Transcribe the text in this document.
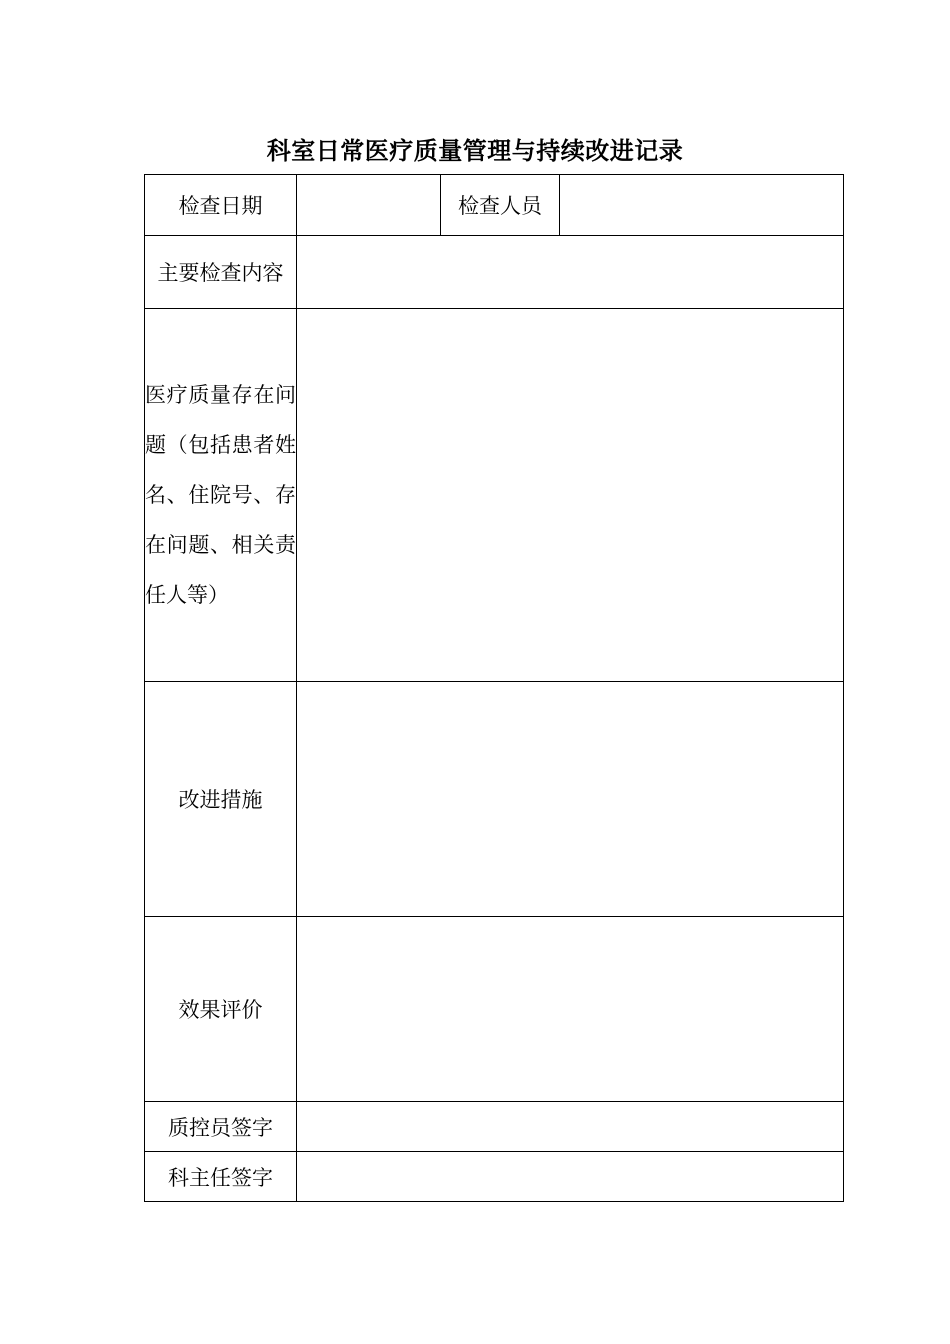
科室日常医疗质量管理与持续改进记录
检查日期		检查人员	
主要检查内容			
医疗质量存在问题（包括患者姓名、住院号、存在问题、相关责任人等）			
改进措施			
效果评价			
质控员签字			
科主任签字			
